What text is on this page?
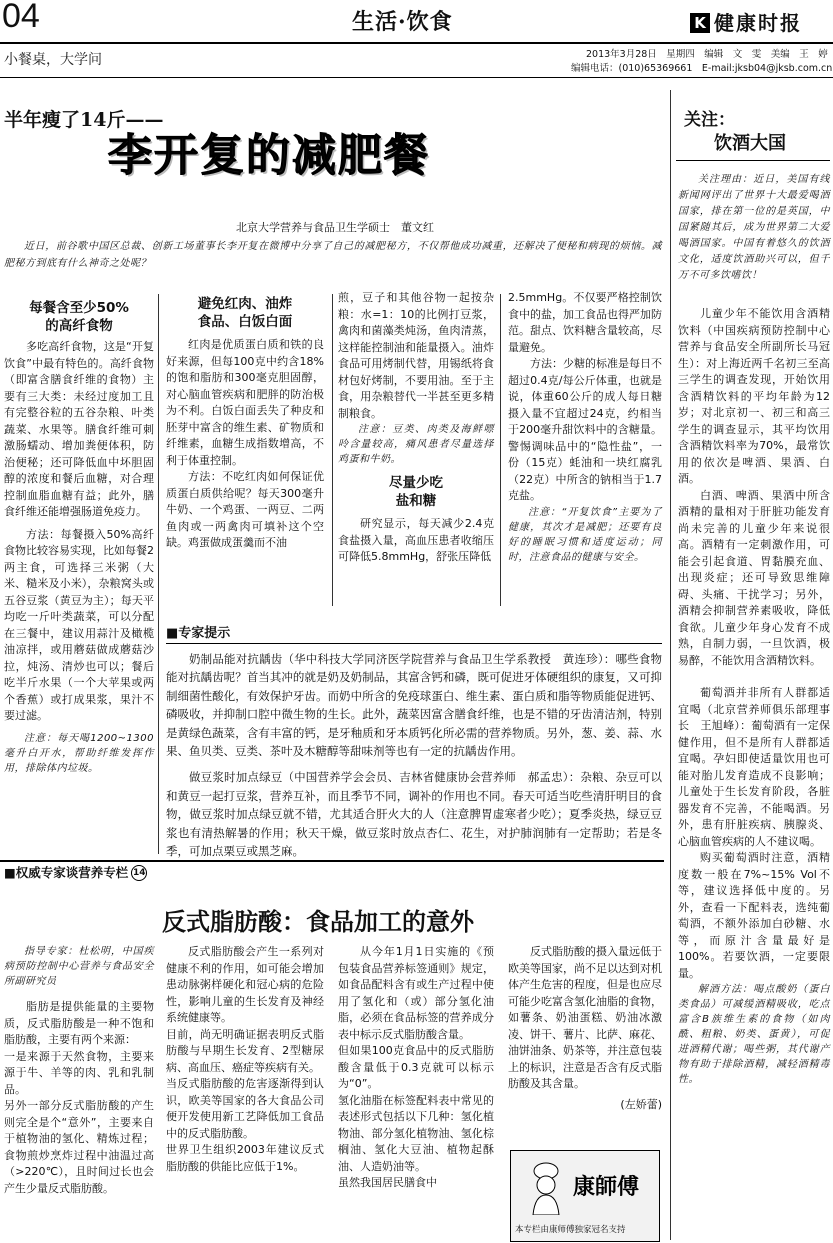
04	生活·饮食	K 健康时报
小餐桌，大学问	2013年3月28日　星期四　编辑　文　雯　美编　王　婷
编辑电话：(010)65369661　E-mail:jksb04@jksb.com.cn
半年瘦了14斤——
李开复的减肥餐
北京大学营养与食品卫生学硕士　董文红
近日，前谷歌中国区总裁、创新工场董事长李开复在微博中分享了自己的减肥秘方，不仅帮他成功减重，还解决了便秘和病现的烦恼。减肥秘方到底有什么神奇之处呢？
每餐含至少50%
的高纤食物

多吃高纤食物，这是“开复饮食”中最有特色的。高纤食物（即富含膳食纤维的食物）主要有三大类：未经过度加工且有完整谷粒的五谷杂粮、叶类蔬菜、水果等。膳食纤维可刺激肠蠕动、增加粪便体积，防治便秘；还可降低血中坏胆固醇的浓度和餐后血糖，对合理控制血脂血糖有益；此外，膳食纤维还能增强肠道免疫力。

方法：每餐摄入50%高纤食物比较容易实现，比如每餐2两主食，可选择三米粥（大米、糙米及小米），杂粮窝头或五谷豆浆（黄豆为主）；每天平均吃一斤叶类蔬菜，可以分配在三餐中，建议用蒜汁及橄榄油凉拌，或用蘑菇做成蘑菇沙拉，炖汤、清炒也可以；餐后吃半斤水果（一个大苹果或两个香蕉）或打成果浆，果汁不要过滤。

注意：每天喝1200~1300毫升白开水，帮助纤维发挥作用，排除体内垃圾。

避免红肉、油炸
食品、白饭白面

红肉是优质蛋白质和铁的良好来源，但每100克中约含18%的饱和脂肪和300毫克胆固醇，对心脑血管疾病和肥胖的防治极为不利。白饭白面丢失了种皮和胚芽中富含的维生素、矿物质和纤维素，血糖生成指数增高，不利于体重控制。

方法：不吃红肉如何保证优质蛋白质供给呢？每天300毫升牛奶、一个鸡蛋、一两豆、二两鱼肉或一两禽肉可填补这个空缺。鸡蛋做成蛋羹而不油

煎，豆子和其他谷物一起按杂粮：水=1：10的比例打豆浆，禽肉和菌藻类炖汤，鱼肉清蒸，这样能控制油和能量摄入。油炸食品可用烤制代替，用锡纸将食材包好烤制，不要用油。至于主食，用杂粮替代一半甚至更多精制粮食。

注意：豆类、肉类及海鲜嘌呤含量较高，痛风患者尽量选择鸡蛋和牛奶。

尽量少吃
盐和糖

研究显示，每天减少2.4克食盐摄入量，高血压患者收缩压可降低5.8mmHg，舒张压降低

2.5mmHg。不仅要严格控制饮食中的盐，加工食品也得严加防范。甜点、饮料糖含量较高，尽量避免。

方法：少糖的标准是每日不超过0.4克/每公斤体重，也就是说，体重60公斤的成人每日糖摄入量不宜超过24克，约相当于200毫升甜饮料中的含糖量。警惕调味品中的“隐性盐”，一份（15克）蚝油和一块红腐乳（22克）中所含的钠相当于1.7克盐。

注意：“开复饮食”主要为了健康，其次才是减肥；还要有良好的睡眠习惯和适度运动；同时，注意食品的健康与安全。

■专家提示

奶制品能对抗龋齿（华中科技大学同济医学院营养与食品卫生学系教授　黄连珍）：哪些食物能对抗龋齿呢？首当其冲的就是奶及奶制品，其富含钙和磷，既可促进牙体硬组织的康复，又可抑制细菌性酸化，有效保护牙齿。而奶中所含的免疫球蛋白、维生素、蛋白质和脂等物质能促进钙、磷吸收，并抑制口腔中微生物的生长。此外，蔬菜因富含膳食纤维，也是不错的牙齿清洁剂，特别是黄绿色蔬菜，含有丰富的钙，是牙釉质和牙本质钙化所必需的营养物质。另外，葱、姜、蒜、水果、鱼贝类、豆类、茶叶及木糖醇等甜味剂等也有一定的抗龋齿作用。

做豆浆时加点绿豆（中国营养学会会员、吉林省健康协会营养师　郝孟忠）：杂粮、杂豆可以和黄豆一起打豆浆，营养互补，而且季节不同，调补的作用也不同。春天可适当吃些清肝明目的食物，做豆浆时加点绿豆就不错，尤其适合肝火大的人（注意脾胃虚寒者少吃）；夏季炎热，绿豆豆浆也有清热解暑的作用；秋天干燥，做豆浆时放点杏仁、花生，对护肺润肺有一定帮助；若是冬季，可加点栗豆或黑芝麻。

■权威专家谈营养专栏 14
反式脂肪酸：食品加工的意外

指导专家：杜松明，中国疾病预防控制中心营养与食品安全所副研究员

脂肪是提供能量的主要物质，反式脂肪酸是一种不饱和脂肪酸，主要有两个来源：
一是来源于天然食物，主要来源于牛、羊等的肉、乳和乳制品。
另外一部分反式脂肪酸的产生则完全是个“意外”，主要来自于植物油的氢化、精炼过程；食物煎炒烹炸过程中油温过高（>220℃），且时间过长也会产生少量反式脂肪酸。

反式脂肪酸会产生一系列对健康不利的作用，如可能会增加患动脉粥样硬化和冠心病的危险性，影响儿童的生长发育及神经系统健康等。
目前，尚无明确证据表明反式脂肪酸与早期生长发育、2型糖尿病、高血压、癌症等疾病有关。
当反式脂肪酸的危害逐渐得到认识，欧美等国家的各大食品公司便开发使用新工艺降低加工食品中的反式脂肪酸。
世界卫生组织2003年建议反式脂肪酸的供能比应低于1%。

从今年1月1日实施的《预包装食品营养标签通则》规定，如食品配料含有或生产过程中使用了氢化和（或）部分氢化油脂，必须在食品标签的营养成分表中标示反式脂肪酸含量。
但如果100克食品中的反式脂肪酸含量低于0.3克就可以标示为“0”。
氢化油脂在标签配料表中常见的表述形式包括以下几种：氢化植物油、部分氢化植物油、氢化棕榈油、氢化大豆油、植物起酥油、人造奶油等。
虽然我国居民膳食中

反式脂肪酸的摄入量远低于欧美等国家，尚不足以达到对机体产生危害的程度，但是也应尽可能少吃富含氢化油脂的食物，如薯条、奶油蛋糕、奶油冰激凌、饼干、薯片、比萨、麻花、油饼油条、奶茶等，并注意包装上的标识，注意是否含有反式脂肪酸及其含量。

(左娇蕾)
康師傅
本专栏由康师傅独家冠名支持
关注：
饮酒大国

关注理由：近日，美国有线新闻网评出了世界十大最爱喝酒国家，排在第一位的是英国，中国紧随其后，成为世界第二大爱喝酒国家。中国有着悠久的饮酒文化，适度饮酒助兴可以，但千万不可多饮嗜饮！

儿童少年不能饮用含酒精饮料（中国疾病预防控制中心营养与食品安全所副所长马冠生）：对上海近两千名初三至高三学生的调查发现，开始饮用含酒精饮料的平均年龄为12岁；对北京初一、初三和高三学生的调查显示，其平均饮用含酒精饮料率为70%，最常饮用的依次是啤酒、果酒、白酒。

白酒、啤酒、果酒中所含酒精的量相对于肝脏功能发育尚未完善的儿童少年来说很高。酒精有一定刺激作用，可能会引起食道、胃黏膜充血、出现炎症；还可导致思维障碍、头痛、干扰学习；另外，酒精会抑制营养素吸收，降低食欲。儿童少年身心发育不成熟，自制力弱，一旦饮酒，极易醉，不能饮用含酒精饮料。

葡萄酒并非所有人群都适宜喝（北京营养师俱乐部理事长　王旭峰）：葡萄酒有一定保健作用，但不是所有人群都适宜喝。孕妇即使适量饮用也可能对胎儿发育造成不良影响；儿童处于生长发育阶段，各脏器发育不完善，不能喝酒。另外，患有肝脏疾病、胰腺炎、心脑血管疾病的人不建议喝。

购买葡萄酒时注意，酒精度数一般在7%~15% Vol不等，建议选择低中度的。另外，查看一下配料表，选纯葡萄酒，不额外添加白砂糖、水等，而原汁含量最好是100%。若要饮酒，一定要限量。

解酒方法：喝点酸奶（蛋白类食品）可减缓酒精吸收，吃点富含B族维生素的食物（如肉酰、粗粮、奶类、蛋黄），可促进酒精代谢；喝些粥，其代谢产物有助于排除酒精，减轻酒精毒性。
